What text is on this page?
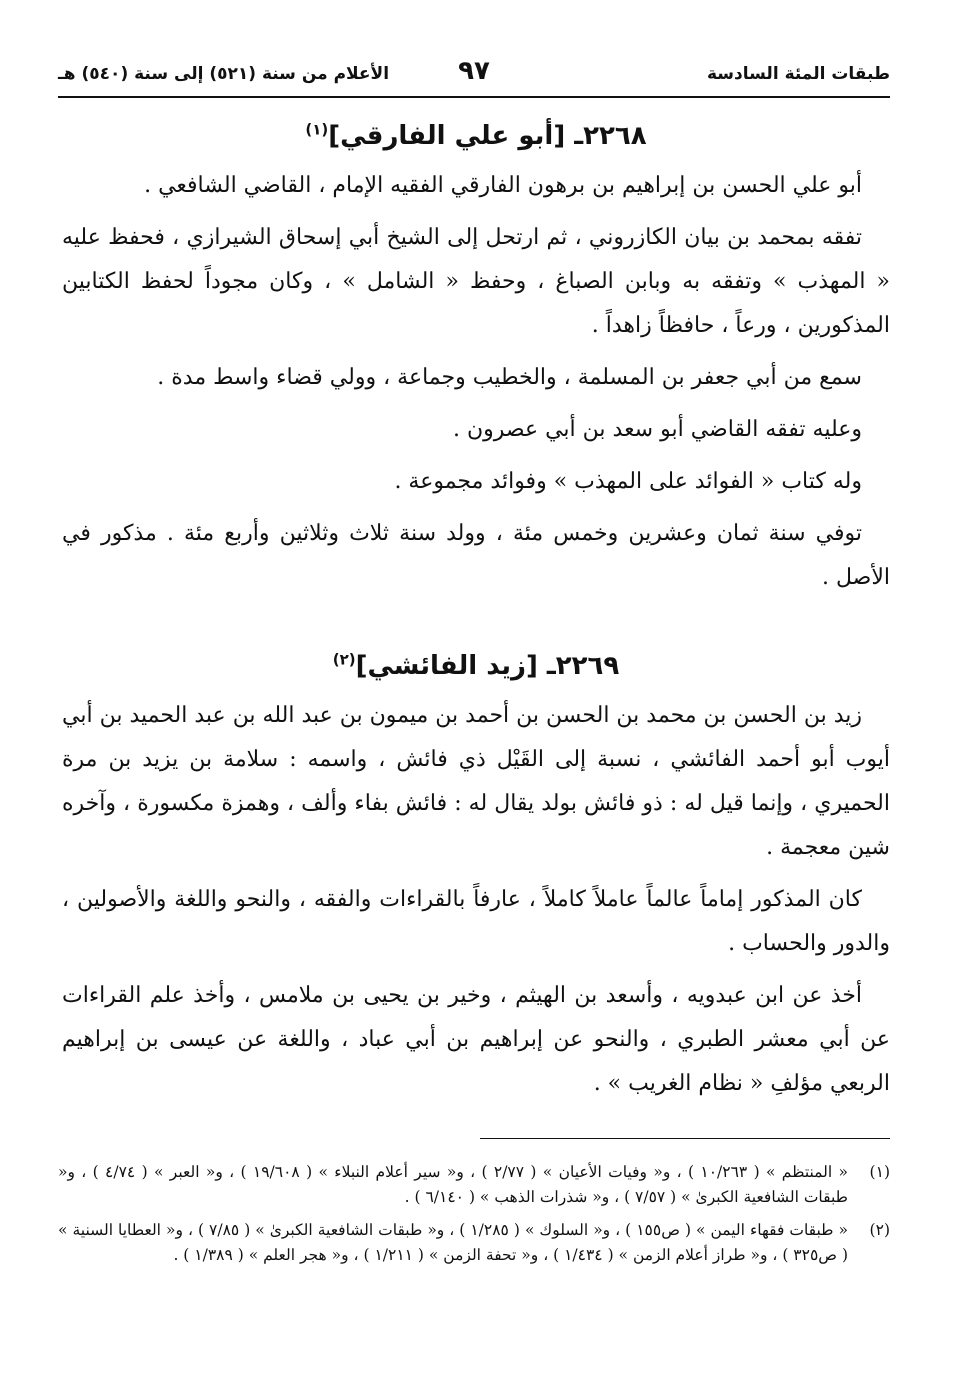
طبقات المئة السادسة
٩٧
الأعلام من سنة (٥٢١) إلى سنة (٥٤٠) هـ
٢٢٦٨ـ [أبو علي الفارقي]$^{(١)}$

أبو علي الحسن بن إبراهيم بن برهون الفارقي الفقيه الإمام ، القاضي الشافعي .

تفقه بمحمد بن بيان الكازروني ، ثم ارتحل إلى الشيخ أبي إسحاق الشيرازي ، فحفظ عليه « المهذب » وتفقه به وبابن الصباغ ، وحفظ « الشامل » ، وكان مجوداً لحفظ الكتابين المذكورين ، ورعاً ، حافظاً زاهداً .

سمع من أبي جعفر بن المسلمة ، والخطيب وجماعة ، وولي قضاء واسط مدة .

وعليه تفقه القاضي أبو سعد بن أبي عصرون .

وله كتاب « الفوائد على المهذب » وفوائد مجموعة .

توفي سنة ثمان وعشرين وخمس مئة ، وولد سنة ثلاث وثلاثين وأربع مئة . مذكور في الأصل .

٢٢٦٩ـ [زيد الفائشي]$^{(٢)}$

زيد بن الحسن بن محمد بن الحسن بن أحمد بن ميمون بن عبد الله بن عبد الحميد بن أبي أيوب أبو أحمد الفائشي ، نسبة إلى القَيْل ذي فائش ، واسمه : سلامة بن يزيد بن مرة الحميري ، وإنما قيل له : ذو فائش بولد يقال له : فائش بفاء وألف ، وهمزة مكسورة ، وآخره شين معجمة .

كان المذكور إماماً عالماً عاملاً كاملاً ، عارفاً بالقراءات والفقه ، والنحو واللغة والأصولين ، والدور والحساب .

أخذ عن ابن عبدويه ، وأسعد بن الهيثم ، وخير بن يحيى بن ملامس ، وأخذ علم القراءات عن أبي معشر الطبري ، والنحو عن إبراهيم بن أبي عباد ، واللغة عن عيسى بن إبراهيم الربعي مؤلفِ « نظام الغريب » .

(١)
« المنتظم » ( ١٠/٢٦٣ ) ، و« وفيات الأعيان » ( ٢/٧٧ ) ، و« سير أعلام النبلاء » ( ١٩/٦٠٨ ) ، و« العبر » ( ٤/٧٤ ) ، و« طبقات الشافعية الكبرىٰ » ( ٧/٥٧ ) ، و« شذرات الذهب » ( ٦/١٤٠ ) .
(٢)
« طبقات فقهاء اليمن » ( ص١٥٥ ) ، و« السلوك » ( ١/٢٨٥ ) ، و« طبقات الشافعية الكبرىٰ » ( ٧/٨٥ ) ، و« العطايا السنية » ( ص٣٢٥ ) ، و« طراز أعلام الزمن » ( ١/٤٣٤ ) ، و« تحفة الزمن » ( ١/٢١١ ) ، و« هجر العلم » ( ١/٣٨٩ ) .
